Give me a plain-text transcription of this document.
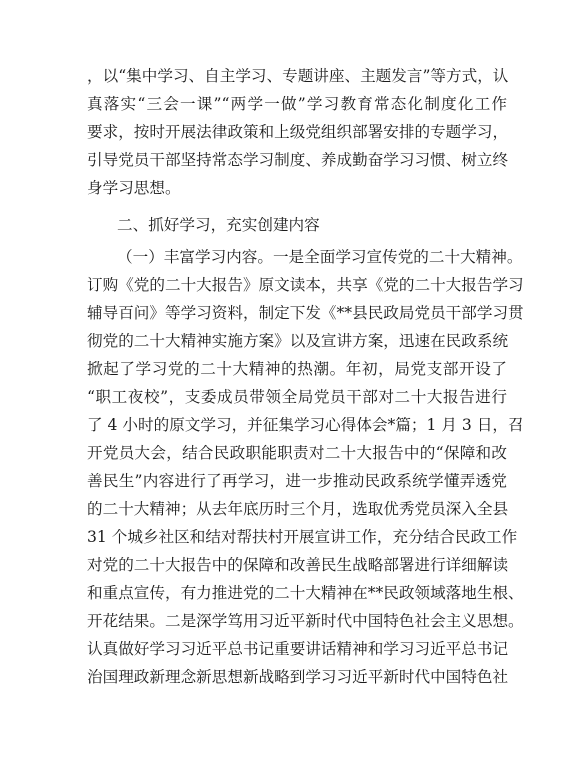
，以“集中学习、自主学习、专题讲座、主题发言”等方式，认
真落实“三会一课”“两学一做”学习教育常态化制度化工作
要求，按时开展法律政策和上级党组织部署安排的专题学习，
引导党员干部坚持常态学习制度、养成勤奋学习习惯、树立终
身学习思想。
二、抓好学习，充实创建内容
（一）丰富学习内容。一是全面学习宣传党的二十大精神。
订购《党的二十大报告》原文读本，共享《党的二十大报告学习
辅导百问》等学习资料，制定下发《**县民政局党员干部学习贯
彻党的二十大精神实施方案》以及宣讲方案，迅速在民政系统
掀起了学习党的二十大精神的热潮。年初，局党支部开设了
“职工夜校”，支委成员带领全局党员干部对二十大报告进行
了 4 小时的原文学习，并征集学习心得体会*篇；1 月 3 日，召
开党员大会，结合民政职能职责对二十大报告中的“保障和改
善民生”内容进行了再学习，进一步推动民政系统学懂弄透党
的二十大精神；从去年底历时三个月，选取优秀党员深入全县
31 个城乡社区和结对帮扶村开展宣讲工作，充分结合民政工作
对党的二十大报告中的保障和改善民生战略部署进行详细解读
和重点宣传，有力推进党的二十大精神在**民政领域落地生根、
开花结果。二是深学笃用习近平新时代中国特色社会主义思想。
认真做好学习习近平总书记重要讲话精神和学习习近平总书记
治国理政新理念新思想新战略到学习习近平新时代中国特色社
